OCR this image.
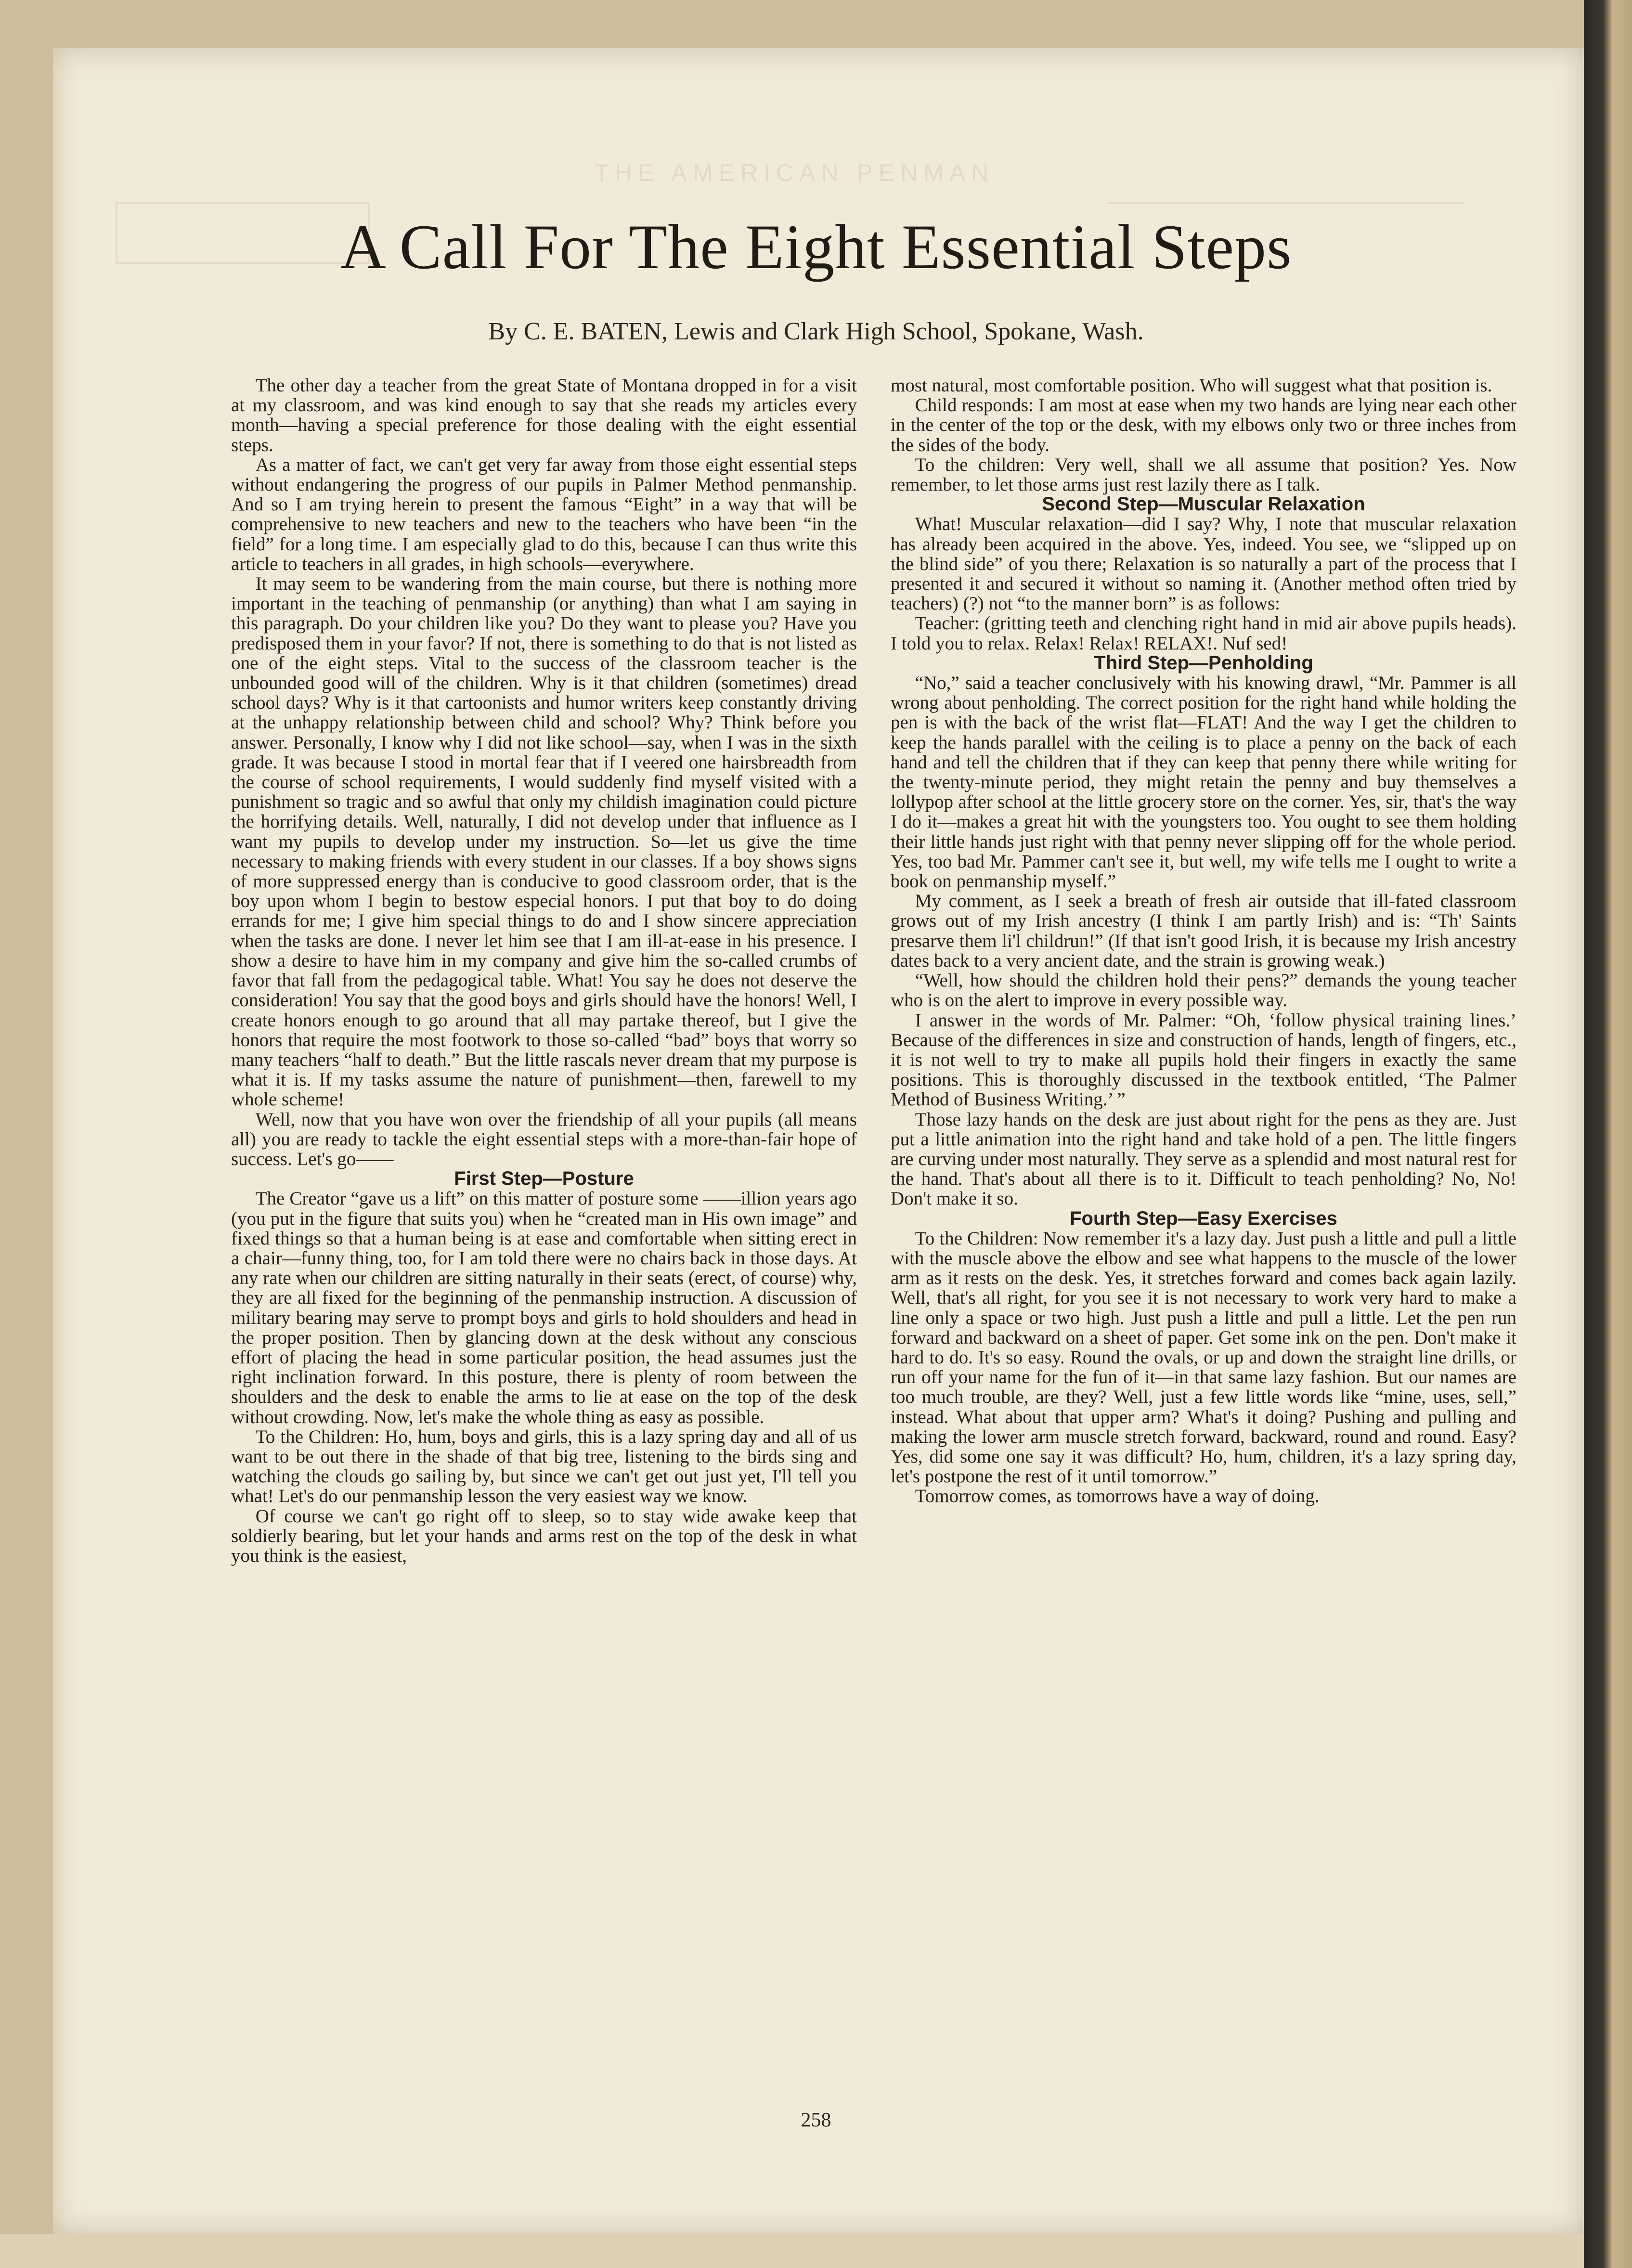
THE AMERICAN PENMAN
A Call For The Eight Essential Steps
By C. E. BATEN, Lewis and Clark High School, Spokane, Wash.

The other day a teacher from the great State of Montana dropped in for a visit at my classroom, and was kind enough to say that she reads my articles every month—having a special preference for those dealing with the eight essential steps.

As a matter of fact, we can't get very far away from those eight essential steps without endangering the progress of our pupils in Palmer Method penmanship. And so I am trying herein to present the famous “Eight” in a way that will be comprehensive to new teachers and new to the teachers who have been “in the field” for a long time. I am especially glad to do this, because I can thus write this article to teachers in all grades, in high schools—everywhere.

It may seem to be wandering from the main course, but there is nothing more important in the teaching of penmanship (or anything) than what I am saying in this paragraph. Do your children like you? Do they want to please you? Have you predisposed them in your favor? If not, there is something to do that is not listed as one of the eight steps. Vital to the success of the classroom teacher is the unbounded good will of the children. Why is it that children (sometimes) dread school days? Why is it that cartoonists and humor writers keep constantly driving at the unhappy relationship between child and school? Why? Think before you answer. Personally, I know why I did not like school—say, when I was in the sixth grade. It was because I stood in mortal fear that if I veered one hairsbreadth from the course of school requirements, I would suddenly find myself visited with a punishment so tragic and so awful that only my childish imagination could picture the horrifying details. Well, naturally, I did not develop under that influence as I want my pupils to develop under my instruction. So—let us give the time necessary to making friends with every student in our classes. If a boy shows signs of more suppressed energy than is conducive to good classroom order, that is the boy upon whom I begin to bestow especial honors. I put that boy to do doing errands for me; I give him special things to do and I show sincere appreciation when the tasks are done. I never let him see that I am ill-at-ease in his presence. I show a desire to have him in my company and give him the so-called crumbs of favor that fall from the pedagogical table. What! You say he does not deserve the consideration! You say that the good boys and girls should have the honors! Well, I create honors enough to go around that all may partake thereof, but I give the honors that require the most footwork to those so-called “bad” boys that worry so many teachers “half to death.” But the little rascals never dream that my purpose is what it is. If my tasks assume the nature of punishment—then, farewell to my whole scheme!

Well, now that you have won over the friendship of all your pupils (all means all) you are ready to tackle the eight essential steps with a more-than-fair hope of success. Let's go——

First Step—Posture

The Creator “gave us a lift” on this matter of posture some ——illion years ago (you put in the figure that suits you) when he “created man in His own image” and fixed things so that a human being is at ease and comfortable when sitting erect in a chair—funny thing, too, for I am told there were no chairs back in those days. At any rate when our children are sitting naturally in their seats (erect, of course) why, they are all fixed for the beginning of the penmanship instruction. A discussion of military bearing may serve to prompt boys and girls to hold shoulders and head in the proper position. Then by glancing down at the desk without any conscious effort of placing the head in some particular position, the head assumes just the right inclination forward. In this posture, there is plenty of room between the shoulders and the desk to enable the arms to lie at ease on the top of the desk without crowding. Now, let's make the whole thing as easy as possible.

To the Children: Ho, hum, boys and girls, this is a lazy spring day and all of us want to be out there in the shade of that big tree, listening to the birds sing and watching the clouds go sailing by, but since we can't get out just yet, I'll tell you what! Let's do our penmanship lesson the very easiest way we know.

Of course we can't go right off to sleep, so to stay wide awake keep that soldierly bearing, but let your hands and arms rest on the top of the desk in what you think is the easiest,

most natural, most comfortable position. Who will suggest what that position is.

Child responds: I am most at ease when my two hands are lying near each other in the center of the top or the desk, with my elbows only two or three inches from the sides of the body.

To the children: Very well, shall we all assume that position? Yes. Now remember, to let those arms just rest lazily there as I talk.

Second Step—Muscular Relaxation

What! Muscular relaxation—did I say? Why, I note that muscular relaxation has already been acquired in the above. Yes, indeed. You see, we “slipped up on the blind side” of you there; Relaxation is so naturally a part of the process that I presented it and secured it without so naming it. (Another method often tried by teachers) (?) not “to the manner born” is as follows:

Teacher: (gritting teeth and clenching right hand in mid air above pupils heads). I told you to relax. Relax! Relax! RELAX!. Nuf sed!

Third Step—Penholding

“No,” said a teacher conclusively with his knowing drawl, “Mr. Pammer is all wrong about penholding. The correct position for the right hand while holding the pen is with the back of the wrist flat—FLAT! And the way I get the children to keep the hands parallel with the ceiling is to place a penny on the back of each hand and tell the children that if they can keep that penny there while writing for the twenty-minute period, they might retain the penny and buy themselves a lollypop after school at the little grocery store on the corner. Yes, sir, that's the way I do it—makes a great hit with the youngsters too. You ought to see them holding their little hands just right with that penny never slipping off for the whole period. Yes, too bad Mr. Pammer can't see it, but well, my wife tells me I ought to write a book on penmanship myself.”

My comment, as I seek a breath of fresh air outside that ill-fated classroom grows out of my Irish ancestry (I think I am partly Irish) and is: “Th' Saints presarve them li'l childrun!” (If that isn't good Irish, it is because my Irish ancestry dates back to a very ancient date, and the strain is growing weak.)

“Well, how should the children hold their pens?” demands the young teacher who is on the alert to improve in every possible way.

I answer in the words of Mr. Palmer: “Oh, ‘follow physical training lines.’ Because of the differences in size and construction of hands, length of fingers, etc., it is not well to try to make all pupils hold their fingers in exactly the same positions. This is thoroughly discussed in the textbook entitled, ‘The Palmer Method of Business Writing.’ ”

Those lazy hands on the desk are just about right for the pens as they are. Just put a little animation into the right hand and take hold of a pen. The little fingers are curving under most naturally. They serve as a splendid and most natural rest for the hand. That's about all there is to it. Difficult to teach penholding? No, No! Don't make it so.

Fourth Step—Easy Exercises

To the Children: Now remember it's a lazy day. Just push a little and pull a little with the muscle above the elbow and see what happens to the muscle of the lower arm as it rests on the desk. Yes, it stretches forward and comes back again lazily. Well, that's all right, for you see it is not necessary to work very hard to make a line only a space or two high. Just push a little and pull a little. Let the pen run forward and backward on a sheet of paper. Get some ink on the pen. Don't make it hard to do. It's so easy. Round the ovals, or up and down the straight line drills, or run off your name for the fun of it—in that same lazy fashion. But our names are too much trouble, are they? Well, just a few little words like “mine, uses, sell,” instead. What about that upper arm? What's it doing? Pushing and pulling and making the lower arm muscle stretch forward, backward, round and round. Easy? Yes, did some one say it was difficult? Ho, hum, children, it's a lazy spring day, let's postpone the rest of it until tomorrow.”

Tomorrow comes, as tomorrows have a way of doing.

258
